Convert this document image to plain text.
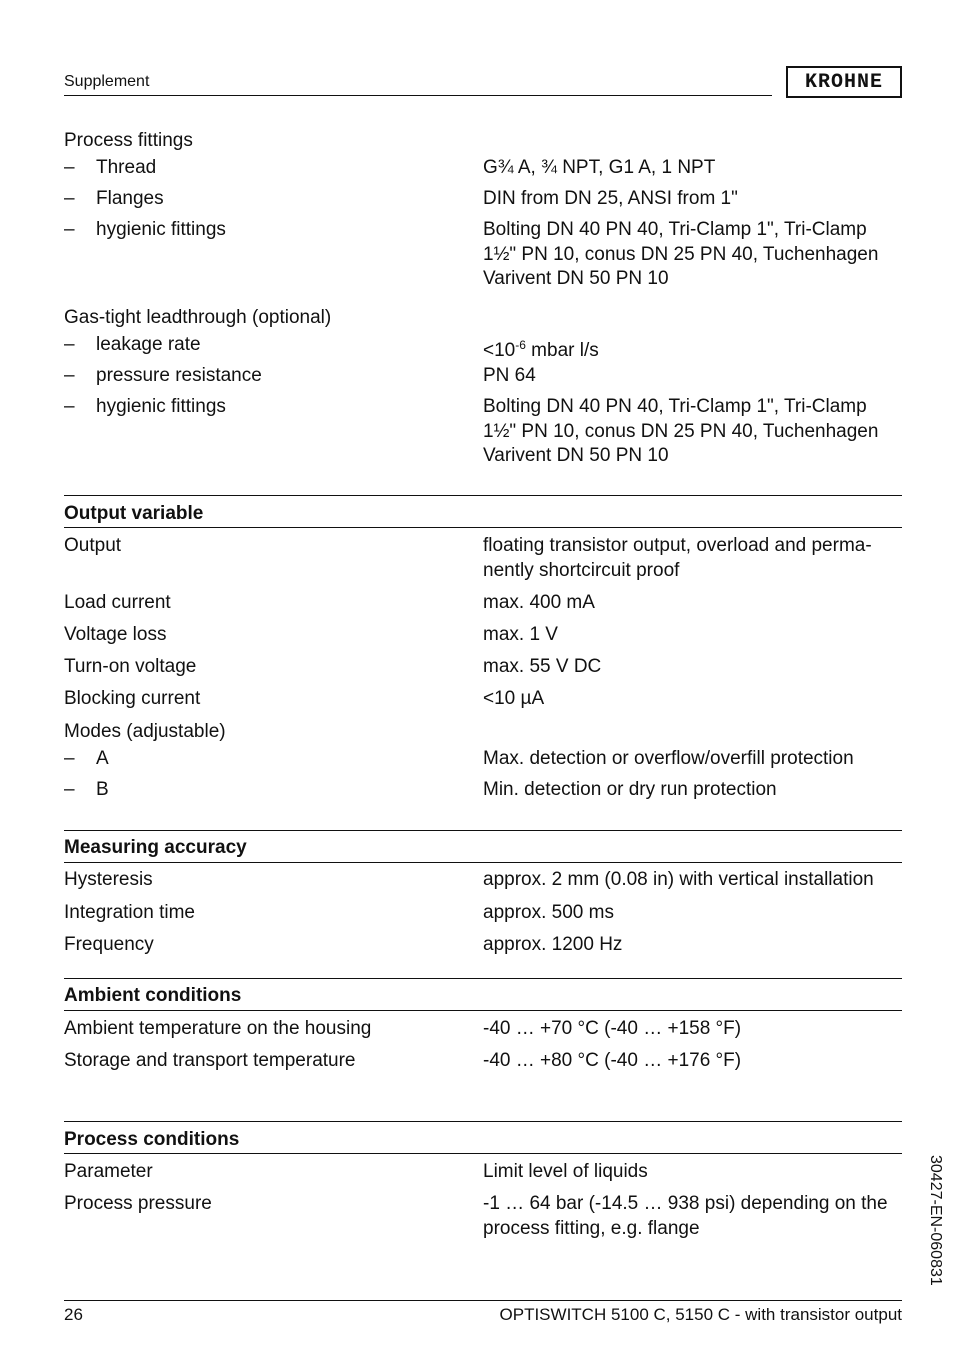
Supplement	KROHNE
Process fittings
– Thread	G¾ A, ¾ NPT, G1 A, 1 NPT
– Flanges	DIN from DN 25, ANSI from 1"
– hygienic fittings	Bolting DN 40 PN 40, Tri-Clamp 1", Tri-Clamp 1½" PN 10, conus DN 25 PN 40, Tuchenhagen Varivent DN 50 PN 10
Gas-tight leadthrough (optional)
– leakage rate	$<10^{-6}$ mbar l/s
– pressure resistance	PN 64
– hygienic fittings	Bolting DN 40 PN 40, Tri-Clamp 1", Tri-Clamp 1½" PN 10, conus DN 25 PN 40, Tuchenhagen Varivent DN 50 PN 10
Output variable
Output	floating transistor output, overload and perma-nently shortcircuit proof
Load current	max. 400 mA
Voltage loss	max. 1 V
Turn-on voltage	max. 55 V DC
Blocking current	<10 µA
Modes (adjustable)
– A	Max. detection or overflow/overfill protection
– B	Min. detection or dry run protection
Measuring accuracy
Hysteresis	approx. 2 mm (0.08 in) with vertical installation
Integration time	approx. 500 ms
Frequency	approx. 1200 Hz
Ambient conditions
Ambient temperature on the housing	-40 … +70 °C (-40 … +158 °F)
Storage and transport temperature	-40 … +80 °C (-40 … +176 °F)
Process conditions
Parameter	Limit level of liquids
Process pressure	-1 … 64 bar (-14.5 … 938 psi) depending on the process fitting, e.g. flange	30427-EN-060831
26	OPTISWITCH 5100 C, 5150 C - with transistor output
